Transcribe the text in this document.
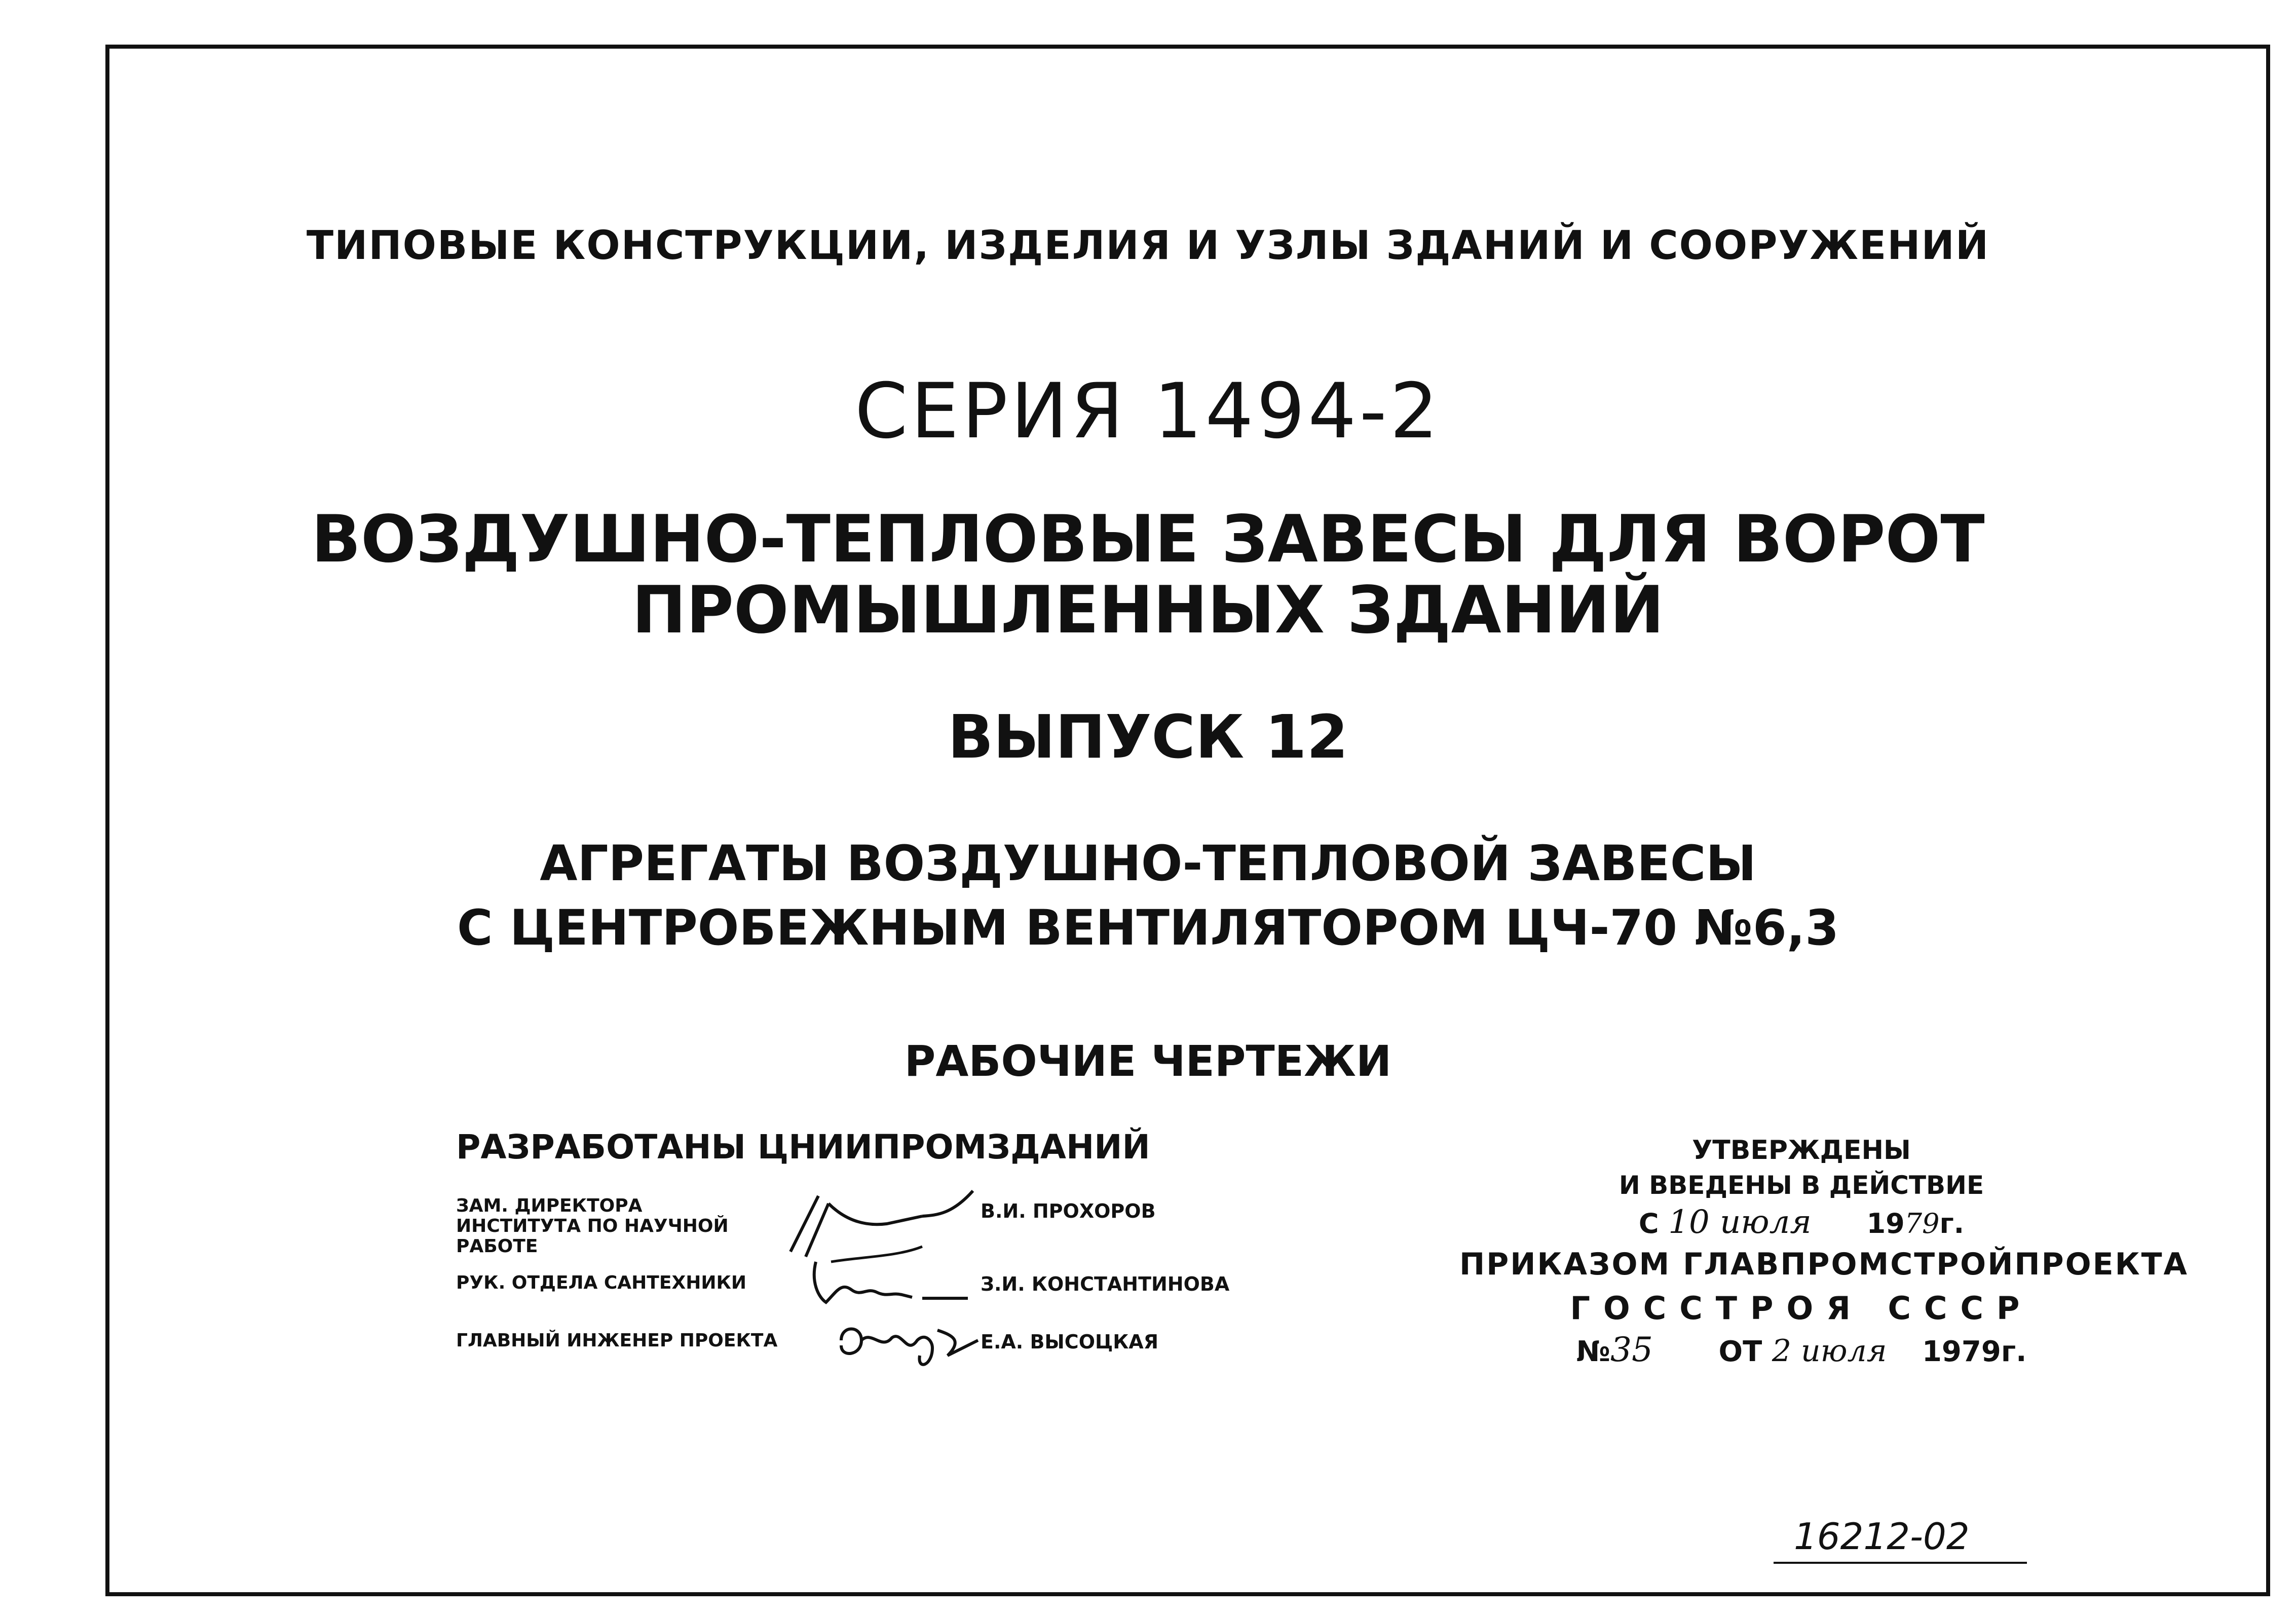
ТИПОВЫЕ КОНСТРУКЦИИ, ИЗДЕЛИЯ И УЗЛЫ ЗДАНИЙ И СООРУЖЕНИЙ
СЕРИЯ 1494-2
ВОЗДУШНО-ТЕПЛОВЫЕ ЗАВЕСЫ ДЛЯ ВОРОТ
ПРОМЫШЛЕННЫХ ЗДАНИЙ
ВЫПУСК 12
АГРЕГАТЫ ВОЗДУШНО-ТЕПЛОВОЙ ЗАВЕСЫ
С ЦЕНТРОБЕЖНЫМ ВЕНТИЛЯТОРОМ ЦЧ-70 №6,3
РАБОЧИЕ ЧЕРТЕЖИ
РАЗРАБОТАНЫ ЦНИИПРОМЗДАНИЙ
ЗАМ. ДИРЕКТОРА ИНСТИТУТА ПО НАУЧНОЙ РАБОТЕ
В.И. ПРОХОРОВ
РУК. ОТДЕЛА САНТЕХНИКИ	З.И. КОНСТАНТИНОВА
ГЛАВНЫЙ ИНЖЕНЕР ПРОЕКТА	Е.А. ВЫСОЦКАЯ
УТВЕРЖДЕНЫ
И ВВЕДЕНЫ В ДЕЙСТВИЕ
С 10 июля 1979г.
ПРИКАЗОМ ГЛАВПРОМСТРОЙПРОЕКТА
ГОССТРОЯ СССР
№35 ОТ 2 июля 1979г.
16212-02
